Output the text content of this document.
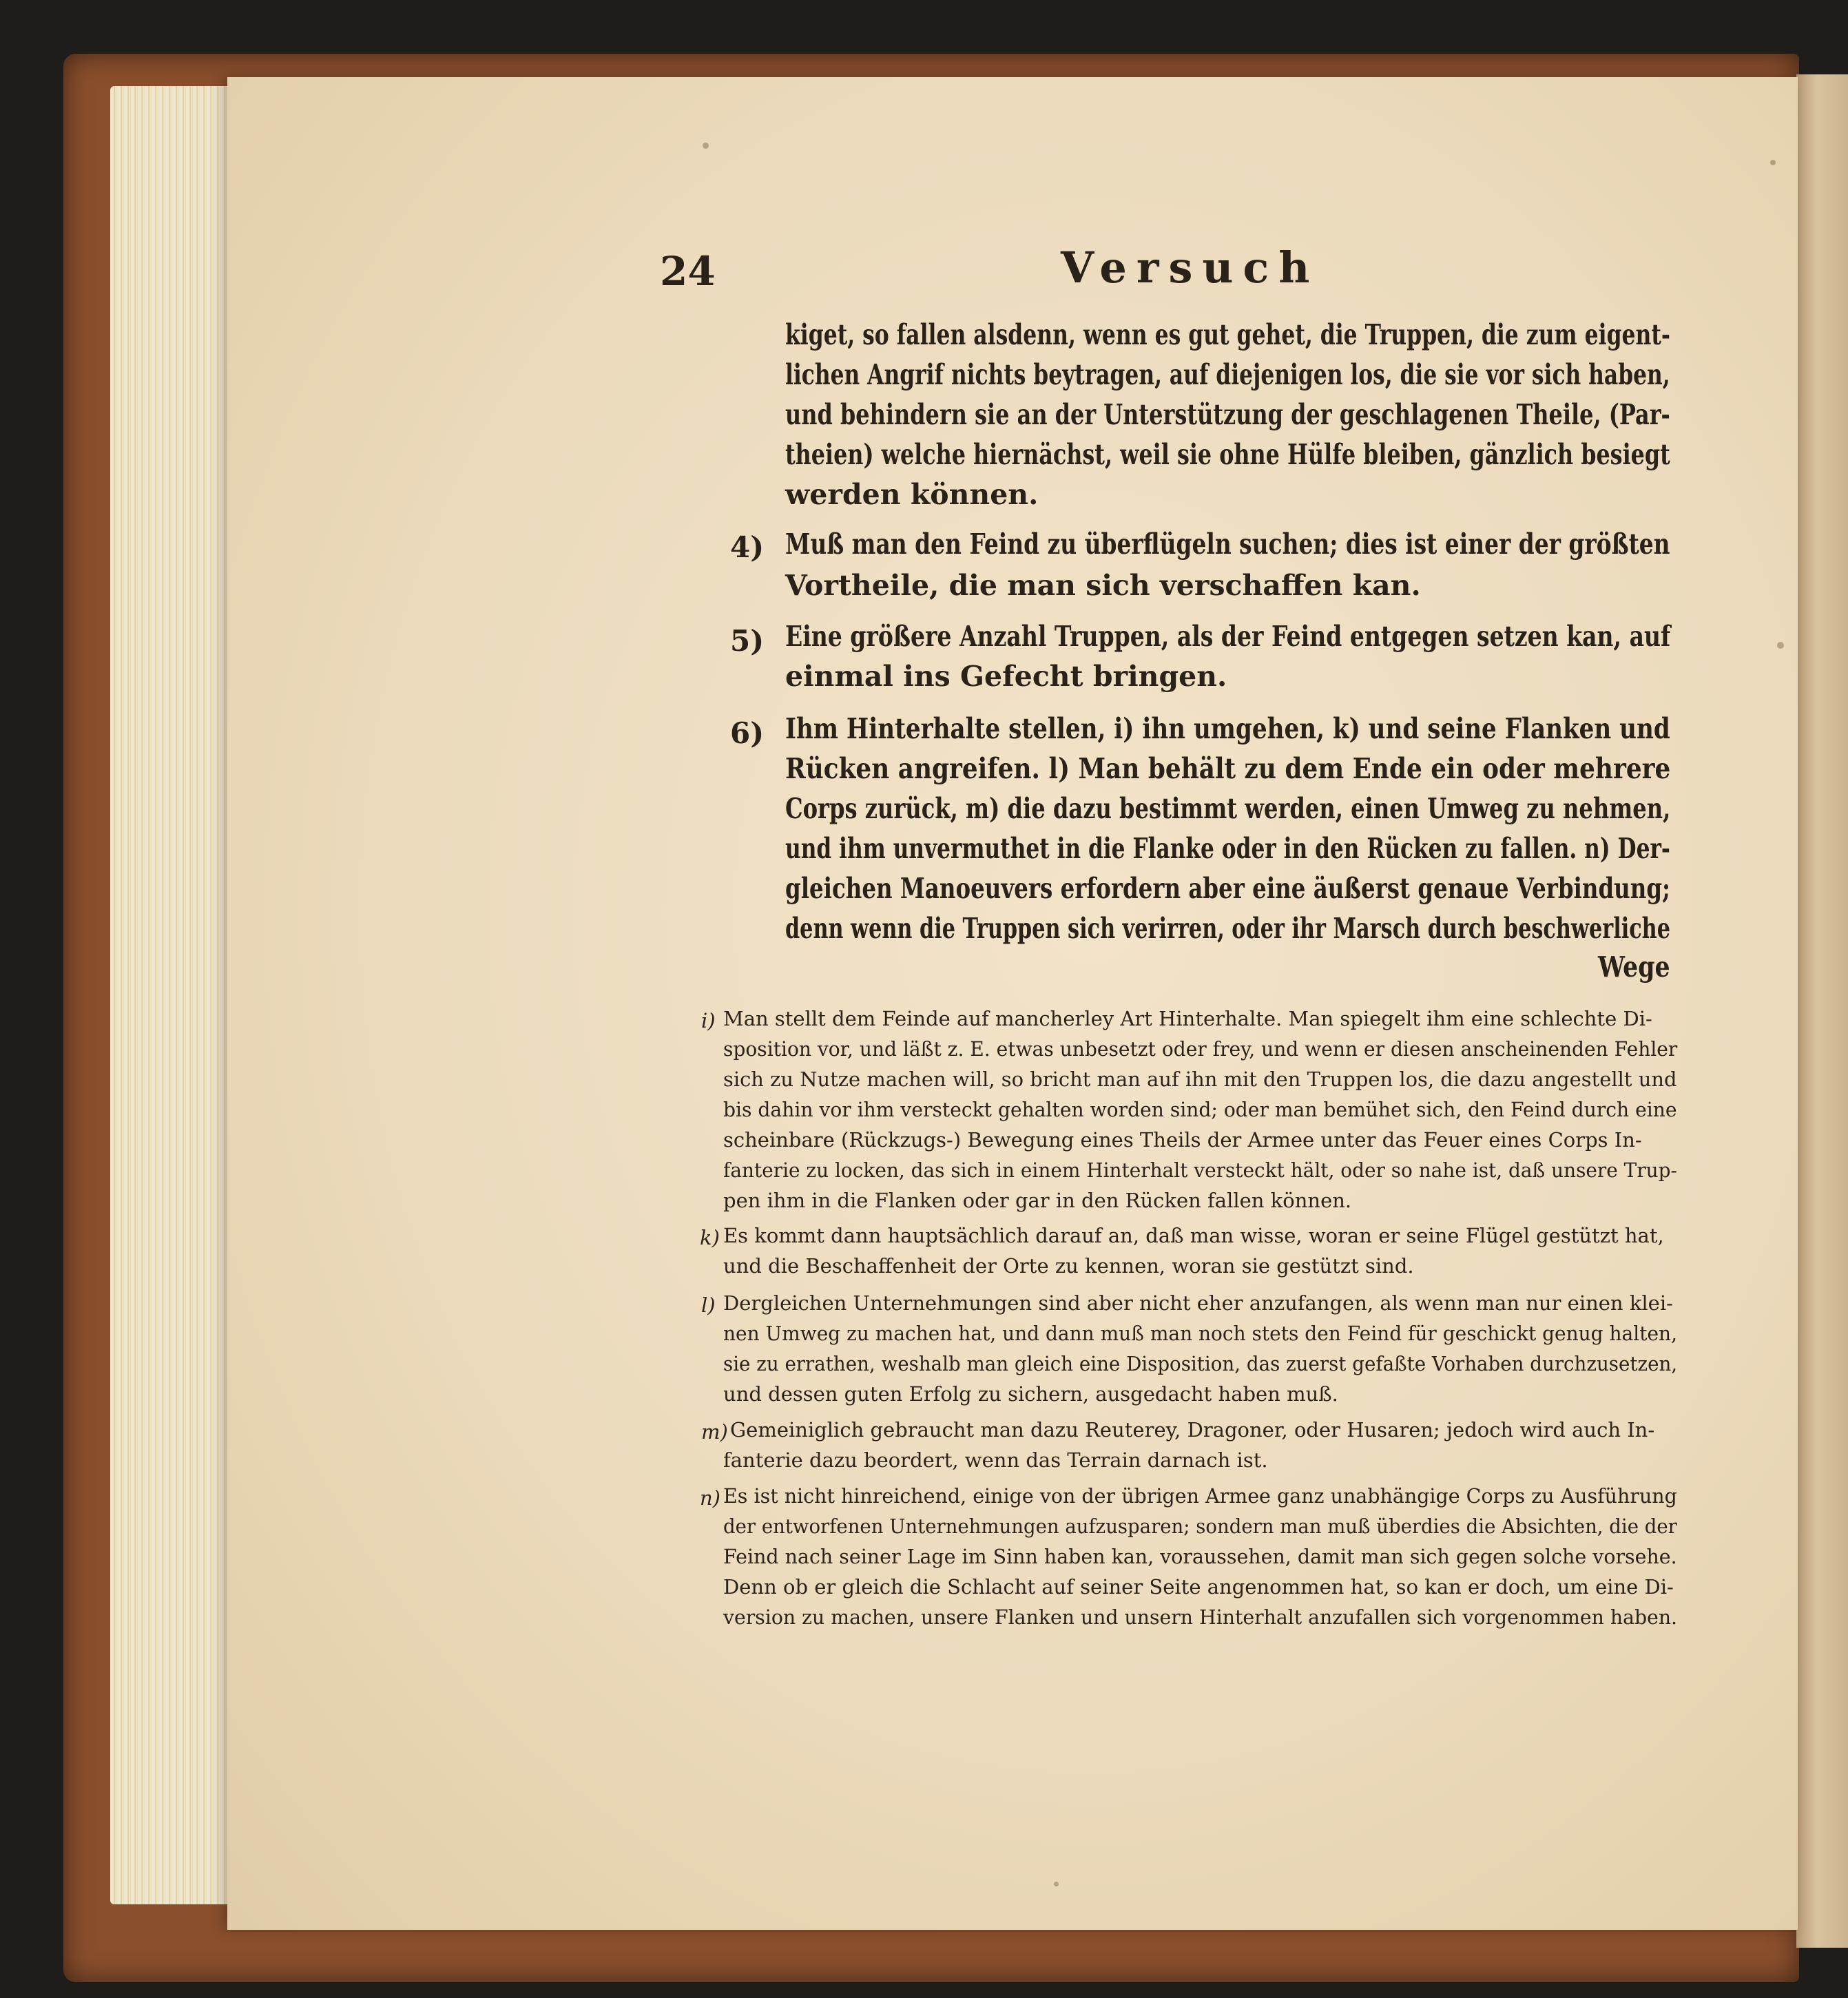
24	Versuch
kiget, so fallen alsdenn, wenn es gut gehet, die Truppen, die zum eigent-
lichen Angrif nichts beytragen, auf diejenigen los, die sie vor sich haben,
und behindern sie an der Unterstützung der geschlagenen Theile, (Par-
theien) welche hiernächst, weil sie ohne Hülfe bleiben, gänzlich besiegt
werden können.
4) Muß man den Feind zu überflügeln suchen; dies ist einer der größten
Vortheile, die man sich verschaffen kan.
5) Eine größere Anzahl Truppen, als der Feind entgegen setzen kan, auf
einmal ins Gefecht bringen.
6) Ihm Hinterhalte stellen, i) ihn umgehen, k) und seine Flanken und
Rücken angreifen. l) Man behält zu dem Ende ein oder mehrere
Corps zurück, m) die dazu bestimmt werden, einen Umweg zu nehmen,
und ihm unvermuthet in die Flanke oder in den Rücken zu fallen. n) Der-
gleichen Manoeuvers erfordern aber eine äußerst genaue Verbindung;
denn wenn die Truppen sich verirren, oder ihr Marsch durch beschwerliche
Wege
i) Man stellt dem Feinde auf mancherley Art Hinterhalte. Man spiegelt ihm eine schlechte Di-
sposition vor, und läßt z. E. etwas unbesetzt oder frey, und wenn er diesen anscheinenden Fehler
sich zu Nutze machen will, so bricht man auf ihn mit den Truppen los, die dazu angestellt und
bis dahin vor ihm versteckt gehalten worden sind; oder man bemühet sich, den Feind durch eine
scheinbare (Rückzugs-) Bewegung eines Theils der Armee unter das Feuer eines Corps In-
fanterie zu locken, das sich in einem Hinterhalt versteckt hält, oder so nahe ist, daß unsere Trup-
pen ihm in die Flanken oder gar in den Rücken fallen können.
k) Es kommt dann hauptsächlich darauf an, daß man wisse, woran er seine Flügel gestützt hat,
und die Beschaffenheit der Orte zu kennen, woran sie gestützt sind.
l) Dergleichen Unternehmungen sind aber nicht eher anzufangen, als wenn man nur einen klei-
nen Umweg zu machen hat, und dann muß man noch stets den Feind für geschickt genug halten,
sie zu errathen, weshalb man gleich eine Disposition, das zuerst gefaßte Vorhaben durchzusetzen,
und dessen guten Erfolg zu sichern, ausgedacht haben muß.
m) Gemeiniglich gebraucht man dazu Reuterey, Dragoner, oder Husaren; jedoch wird auch In-
fanterie dazu beordert, wenn das Terrain darnach ist.
n) Es ist nicht hinreichend, einige von der übrigen Armee ganz unabhängige Corps zu Ausführung
der entworfenen Unternehmungen aufzusparen; sondern man muß überdies die Absichten, die der
Feind nach seiner Lage im Sinn haben kan, voraussehen, damit man sich gegen solche vorsehe.
Denn ob er gleich die Schlacht auf seiner Seite angenommen hat, so kan er doch, um eine Di-
version zu machen, unsere Flanken und unsern Hinterhalt anzufallen sich vorgenommen haben.
